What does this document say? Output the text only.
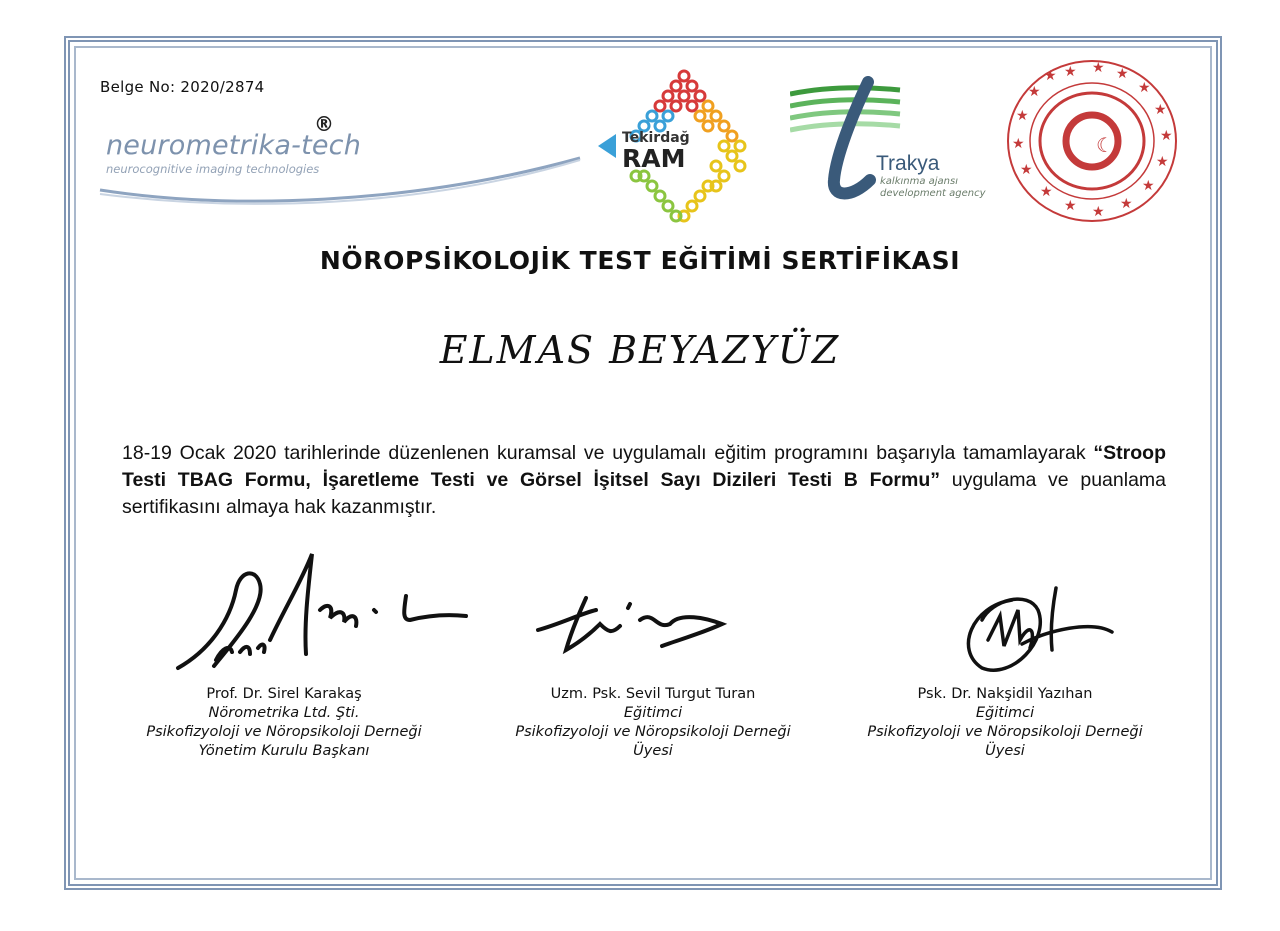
Belge No: 2020/2874
neurometrika-tech
®
neurocognitive imaging technologies
Tekirdağ
RAM	Trakya
kalkınma ajansı
development agency
★ ★ ★
★
★
★
★
★
★
★
★
★
★
★
★
★
★
☾
NÖROPSİKOLOJİK TEST EĞİTİMİ SERTİFİKASI
ELMAS BEYAZYÜZ
18-19 Ocak 2020 tarihlerinde düzenlenen kuramsal ve uygulamalı eğitim programını başarıyla tamamlayarak “Stroop Testi TBAG Formu, İşaretleme Testi ve Görsel İşitsel Sayı Dizileri Testi B Formu” uygulama ve puanlama sertifikasını almaya hak kazanmıştır.
Prof. Dr. Sirel Karakaş
Nörometrika Ltd. Şti.
Psikofizyoloji ve Nöropsikoloji Derneği
Yönetim Kurulu Başkanı
Uzm. Psk. Sevil Turgut Turan
Eğitimci
Psikofizyoloji ve Nöropsikoloji Derneği
Üyesi
Psk. Dr. Nakşidil Yazıhan
Eğitimci
Psikofizyoloji ve Nöropsikoloji Derneği
Üyesi
